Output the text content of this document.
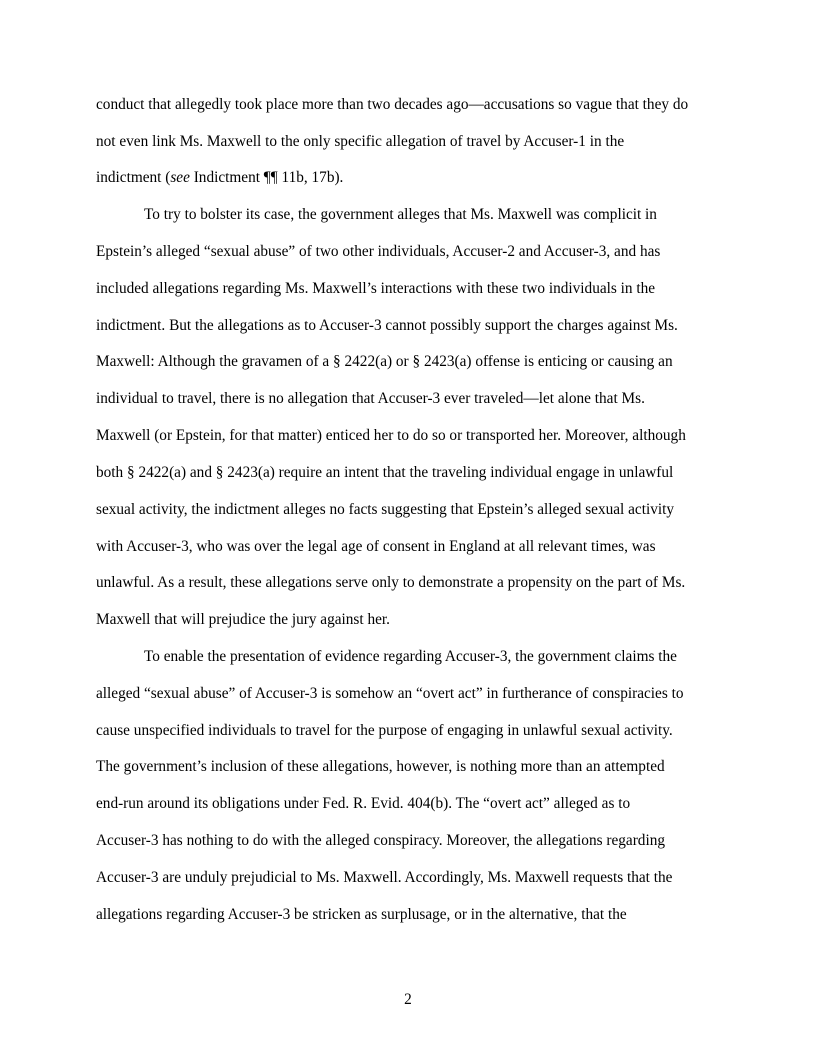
conduct that allegedly took place more than two decades ago—accusations so vague that they do

not even link Ms. Maxwell to the only specific allegation of travel by Accuser-1 in the

indictment (see Indictment ¶¶ 11b, 17b).

To try to bolster its case, the government alleges that Ms. Maxwell was complicit in

Epstein’s alleged “sexual abuse” of two other individuals, Accuser-2 and Accuser-3, and has

included allegations regarding Ms. Maxwell’s interactions with these two individuals in the

indictment. But the allegations as to Accuser-3 cannot possibly support the charges against Ms.

Maxwell: Although the gravamen of a § 2422(a) or § 2423(a) offense is enticing or causing an

individual to travel, there is no allegation that Accuser-3 ever traveled—let alone that Ms.

Maxwell (or Epstein, for that matter) enticed her to do so or transported her. Moreover, although

both § 2422(a) and § 2423(a) require an intent that the traveling individual engage in unlawful

sexual activity, the indictment alleges no facts suggesting that Epstein’s alleged sexual activity

with Accuser-3, who was over the legal age of consent in England at all relevant times, was

unlawful. As a result, these allegations serve only to demonstrate a propensity on the part of Ms.

Maxwell that will prejudice the jury against her.

To enable the presentation of evidence regarding Accuser-3, the government claims the

alleged “sexual abuse” of Accuser-3 is somehow an “overt act” in furtherance of conspiracies to

cause unspecified individuals to travel for the purpose of engaging in unlawful sexual activity.

The government’s inclusion of these allegations, however, is nothing more than an attempted

end-run around its obligations under Fed. R. Evid. 404(b). The “overt act” alleged as to

Accuser-3 has nothing to do with the alleged conspiracy. Moreover, the allegations regarding

Accuser-3 are unduly prejudicial to Ms. Maxwell. Accordingly, Ms. Maxwell requests that the

allegations regarding Accuser-3 be stricken as surplusage, or in the alternative, that the

2
